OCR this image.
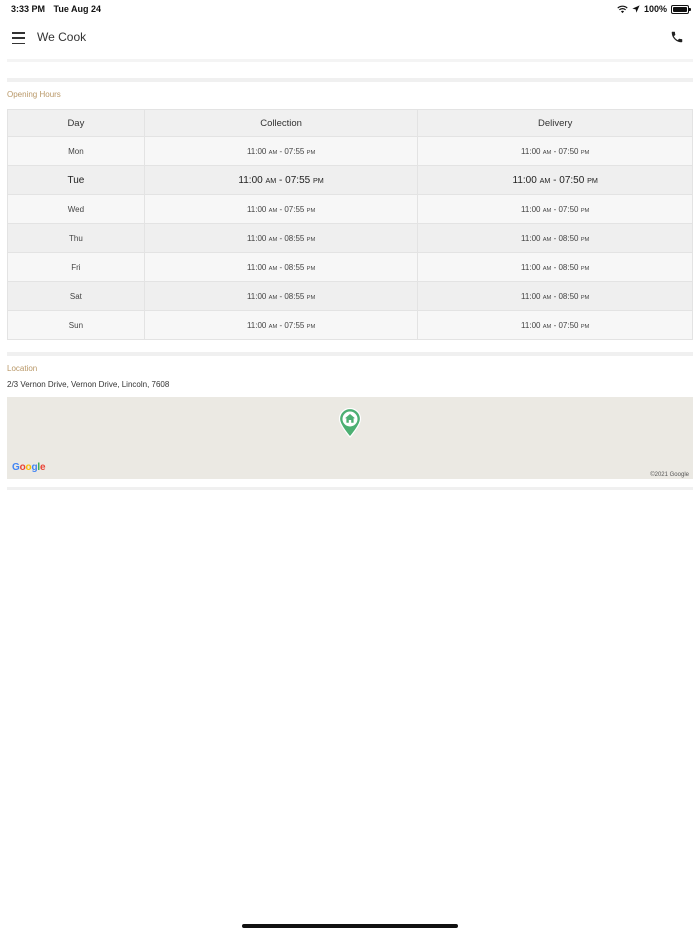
3:33 PM Tue Aug 24	100%
We Cook
Opening Hours
Day	Collection	Delivery
Mon	11:00 AM - 07:55 PM	11:00 AM - 07:50 PM
Tue	11:00 AM - 07:55 PM	11:00 AM - 07:50 PM
Wed	11:00 AM - 07:55 PM	11:00 AM - 07:50 PM
Thu	11:00 AM - 08:55 PM	11:00 AM - 08:50 PM
Fri	11:00 AM - 08:55 PM	11:00 AM - 08:50 PM
Sat	11:00 AM - 08:55 PM	11:00 AM - 08:50 PM
Sun	11:00 AM - 07:55 PM	11:00 AM - 07:50 PM
Location
2/3 Vernon Drive, Vernon Drive, Lincoln, 7608
Google
©2021 Google
